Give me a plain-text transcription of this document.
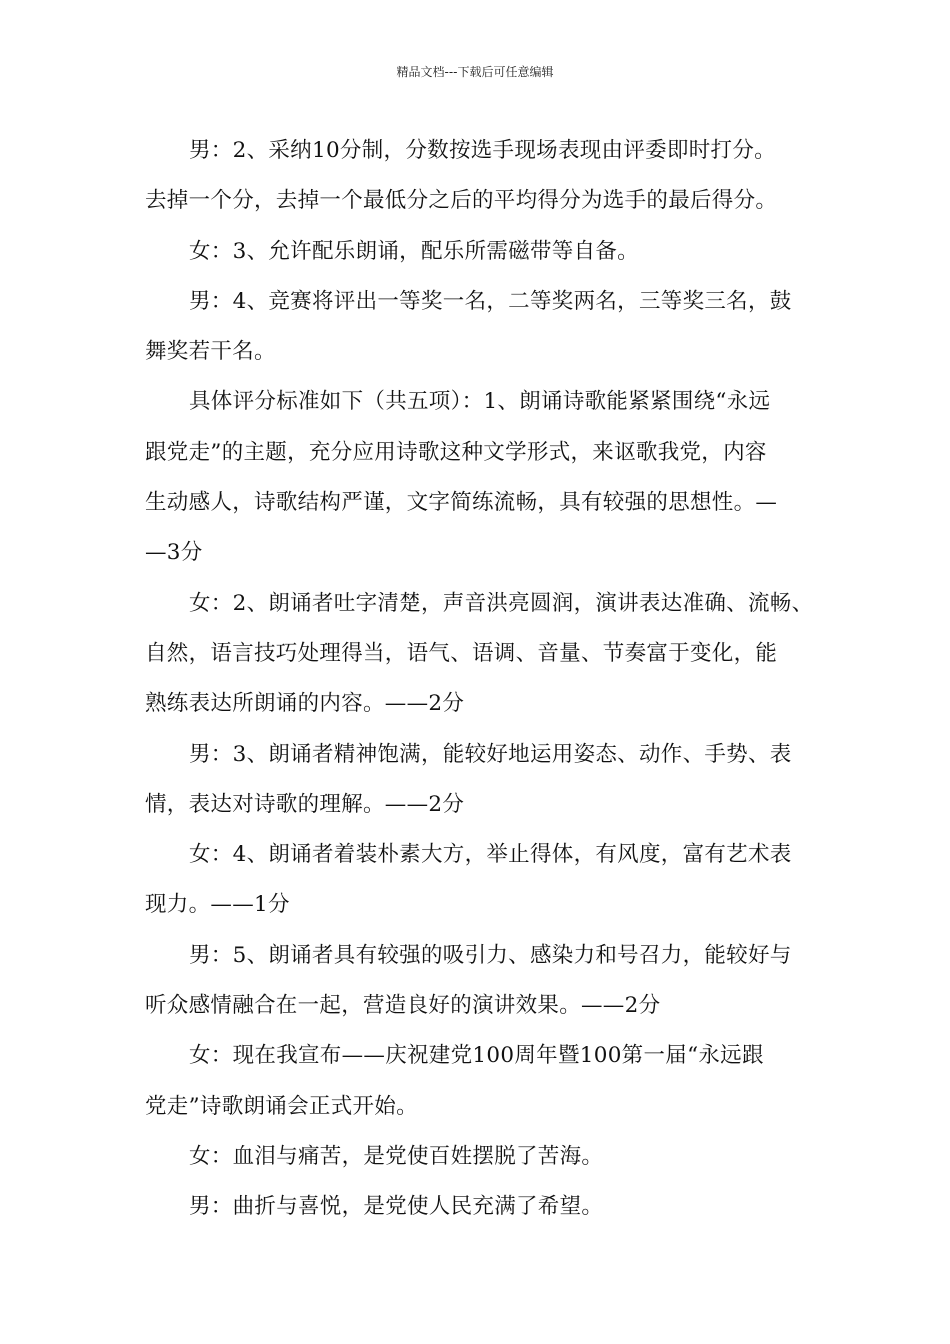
精品文档---下载后可任意编辑

男：2、采纳10分制，分数按选手现场表现由评委即时打分。

去掉一个分，去掉一个最低分之后的平均得分为选手的最后得分。

女：3、允许配乐朗诵，配乐所需磁带等自备。

男：4、竞赛将评出一等奖一名，二等奖两名，三等奖三名，鼓

舞奖若干名。

具体评分标准如下（共五项）：1、朗诵诗歌能紧紧围绕“永远

跟党走”的主题，充分应用诗歌这种文学形式，来讴歌我党，内容

生动感人，诗歌结构严谨，文字简练流畅，具有较强的思想性。—

—3分

女：2、朗诵者吐字清楚，声音洪亮圆润，演讲表达准确、流畅、

自然，语言技巧处理得当，语气、语调、音量、节奏富于变化，能

熟练表达所朗诵的内容。——2分

男：3、朗诵者精神饱满，能较好地运用姿态、动作、手势、表

情，表达对诗歌的理解。——2分

女：4、朗诵者着装朴素大方，举止得体，有风度，富有艺术表

现力。——1分

男：5、朗诵者具有较强的吸引力、感染力和号召力，能较好与

听众感情融合在一起，营造良好的演讲效果。——2分

女：现在我宣布——庆祝建党100周年暨100第一届“永远跟

党走”诗歌朗诵会正式开始。

女：血泪与痛苦，是党使百姓摆脱了苦海。

男：曲折与喜悦，是党使人民充满了希望。
